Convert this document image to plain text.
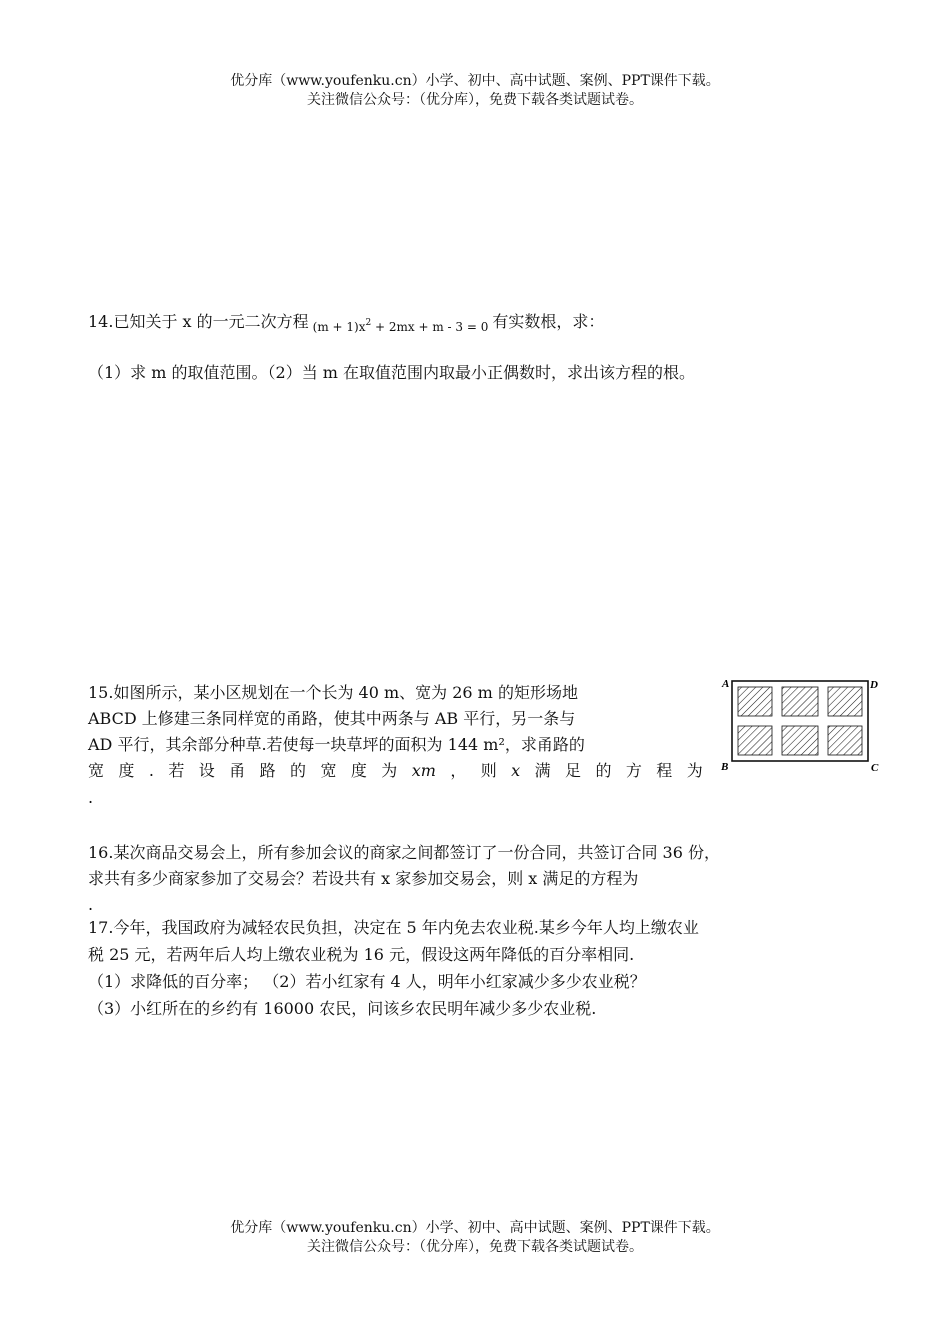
优分库（www.youfenku.cn）小学、初中、高中试题、案例、PPT课件下载。
关注微信公众号：（优分库），免费下载各类试题试卷。
14.已知关于 x 的一元二次方程 $(m + 1)x^2 + 2mx + m - 3 = 0$ 有实数根，求：
（1）求 m 的取值范围。（2）当 m 在取值范围内取最小正偶数时，求出该方程的根。
15.如图所示，某小区规划在一个长为 40 m、宽为 26 m 的矩形场地
ABCD 上修建三条同样宽的甬路，使其中两条与 AB 平行，另一条与
AD 平行，其余部分种草.若使每一块草坪的面积为 144 m²，求甬路的
宽 度 . 若 设 甬 路 的 宽 度 为 xm ， 则 x 满 足 的 方 程 为
.
A	D
B	C
16.某次商品交易会上，所有参加会议的商家之间都签订了一份合同，共签订合同 36 份，
求共有多少商家参加了交易会？若设共有 x 家参加交易会，则 x 满足的方程为
.
17.今年，我国政府为减轻农民负担，决定在 5 年内免去农业税.某乡今年人均上缴农业
税 25 元，若两年后人均上缴农业税为 16 元，假设这两年降低的百分率相同.
（1）求降低的百分率； （2）若小红家有 4 人，明年小红家减少多少农业税？
（3）小红所在的乡约有 16000 农民，问该乡农民明年减少多少农业税.
优分库（www.youfenku.cn）小学、初中、高中试题、案例、PPT课件下载。
关注微信公众号：（优分库），免费下载各类试题试卷。
